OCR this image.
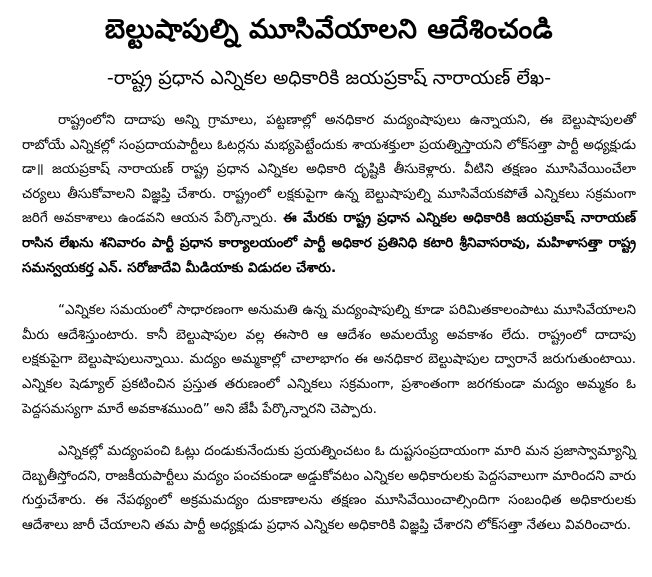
బెల్టుషాపుల్ని మూసివేయాలని ఆదేశించండి
-రాష్ట్ర ప్రధాన ఎన్నికల అధికారికి జయప్రకాష్ నారాయణ్ లేఖ-

రాష్ట్రంలోని దాదాపు అన్ని గ్రామాలు, పట్టణాల్లో అనధికార మద్యంషాపులు ఉన్నాయని, ఈ బెల్టుషాపులతో రాబోయే ఎన్నికల్లో సంప్రదాయపార్టీలు ఓటర్లను మభ్యపెట్టేందుకు శాయశక్తులా ప్రయత్నిస్తాయని లోక్‌సత్తా పార్టీ అధ్యక్షుడు డా॥ జయప్రకాష్ నారాయణ్ రాష్ట్ర ప్రధాన ఎన్నికల అధికారి దృష్టికి తీసుకెళ్లారు. వీటిని తక్షణం మూసివేయించేలా చర్యలు తీసుకోవాలని విజ్ఞప్తి చేశారు. రాష్ట్రంలో లక్షకుపైగా ఉన్న బెల్టుషాపుల్ని మూసివేయకపోతే ఎన్నికలు సక్రమంగా జరిగే అవకాశాలు ఉండవని ఆయన పేర్కొన్నారు. ఈ మేరకు రాష్ట్ర ప్రధాన ఎన్నికల అధికారికి జయప్రకాష్ నారాయణ్ రాసిన లేఖను శనివారం పార్టీ ప్రధాన కార్యాలయంలో పార్టీ అధికార ప్రతినిధి కటారి శ్రీనివాసరావు, మహిళాసత్తా రాష్ట్ర సమన్వయకర్త ఎన్. సరోజాదేవి మీడియాకు విడుదల చేశారు.

“ఎన్నికల సమయంలో సాధారణంగా అనుమతి ఉన్న మద్యంషాపుల్ని కూడా పరిమితకాలంపాటు మూసివేయాలని మీరు ఆదేశిస్తుంటారు. కానీ బెల్టుషాపుల వల్ల ఈసారి ఆ ఆదేశం అమలయ్యే అవకాశం లేదు. రాష్ట్రంలో దాదాపు లక్షకుపైగా బెల్టుషాపులున్నాయి. మద్యం అమ్మకాల్లో చాలాభాగం ఈ అనధికార బెల్టుషాపుల ద్వారానే జరుగుతుంటాయి. ఎన్నికల షెడ్యూల్ ప్రకటించిన ప్రస్తుత తరుణంలో ఎన్నికలు సక్రమంగా, ప్రశాంతంగా జరగకుండా మద్యం అమ్మకం ఓ పెద్దసమస్యగా మారే అవకాశముంది” అని జేపీ పేర్కొన్నారని చెప్పారు.

ఎన్నికల్లో మద్యంపంచి ఓట్లు దండుకునేందుకు ప్రయత్నించటం ఓ దుష్టసంప్రదాయంగా మారి మన ప్రజాస్వామ్యాన్ని దెబ్బతీస్తోందని, రాజకీయపార్టీలు మద్యం పంచకుండా అడ్డుకోవటం ఎన్నికల అధికారులకు పెద్దసవాలుగా మారిందని వారు గుర్తుచేశారు. ఈ నేపథ్యంలో అక్రమమద్యం దుకాణాలను తక్షణం మూసివేయించాల్సిందిగా సంబంధిత అధికారులకు ఆదేశాలు జారీ చేయాలని తమ పార్టీ అధ్యక్షుడు ప్రధాన ఎన్నికల అధికారికి విజ్ఞప్తి చేశారని లోక్‌సత్తా నేతలు వివరించారు.
